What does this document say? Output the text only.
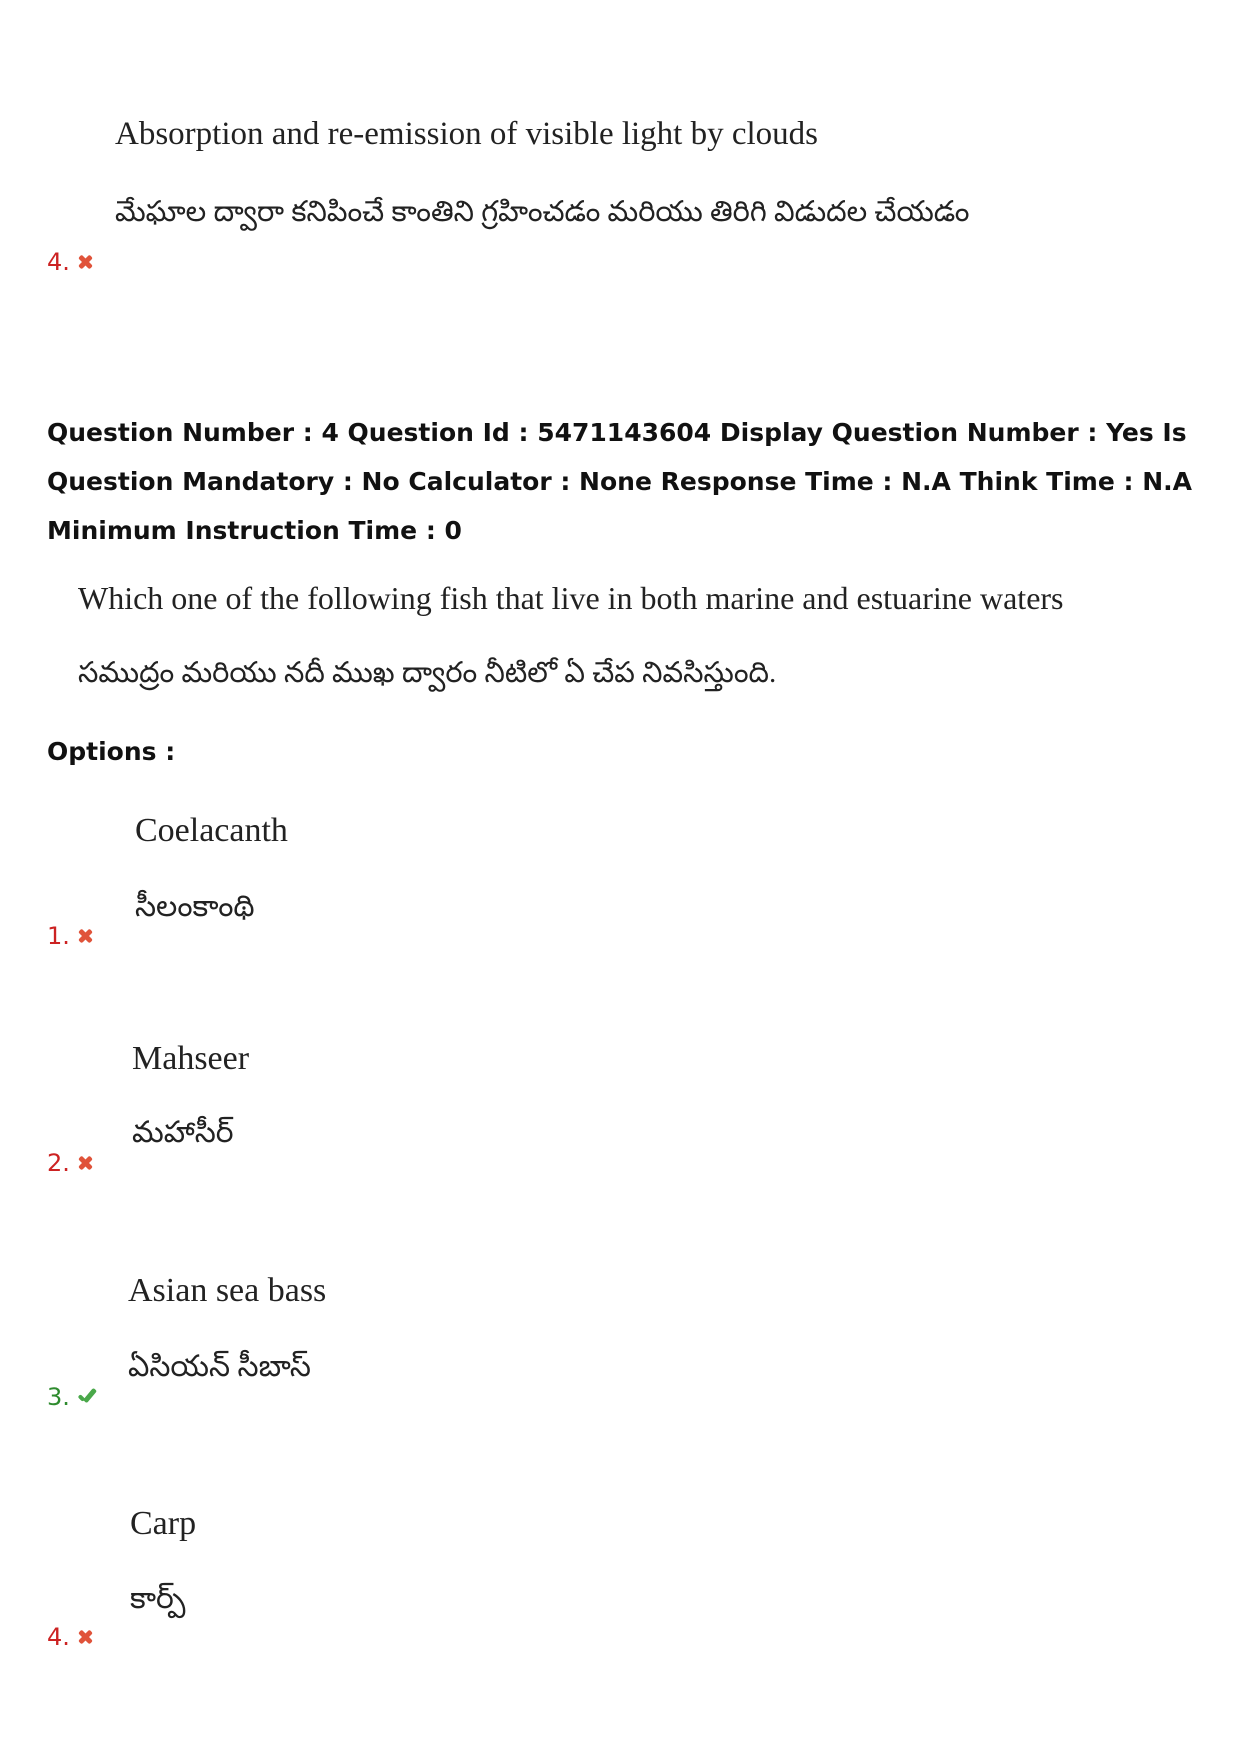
Absorption and re-emission of visible light by clouds
మేఘాల ద్వారా కనిపించే కాంతిని గ్రహించడం మరియు తిరిగి విడుదల చేయడం
4.
Question Number : 4 Question Id : 5471143604 Display Question Number : Yes Is Question Mandatory : No Calculator : None Response Time : N.A Think Time : N.A Minimum Instruction Time : 0
Which one of the following fish that live in both marine and estuarine waters
సముద్రం మరియు నదీ ముఖ ద్వారం నీటిలో ఏ చేప నివసిస్తుంది.
Options :
Coelacanth
సీలంకాంథి
1.
Mahseer
మహాసీర్
2.
Asian sea bass
ఏసియన్ సీబాస్
3.
Carp
కార్ప్
4.
